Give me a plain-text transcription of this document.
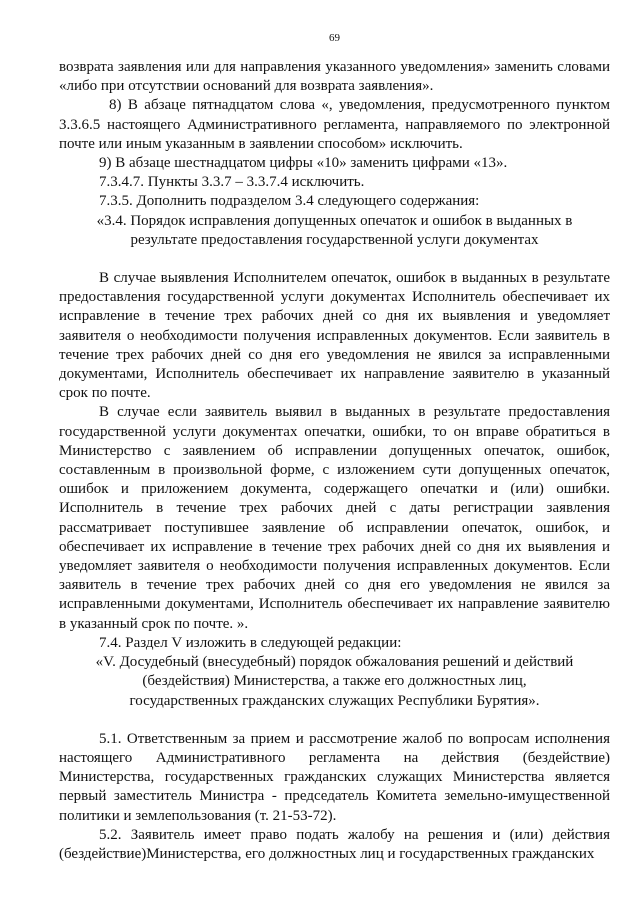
69

возврата заявления или для направления указанного уведомления» заменить словами «либо при отсутствии оснований для возврата заявления».

8) В абзаце пятнадцатом слова «, уведомления, предусмотренного пунктом 3.3.6.5 настоящего Административного регламента, направляемого по электронной почте или иным указанным в заявлении способом» исключить.

9) В абзаце шестнадцатом цифры «10» заменить цифрами «13».

7.3.4.7. Пункты 3.3.7 – 3.3.7.4 исключить.

7.3.5. Дополнить подразделом 3.4 следующего содержания:

«3.4. Порядок исправления допущенных опечаток и ошибок в выданных в результате предоставления государственной услуги документах

В случае выявления Исполнителем опечаток, ошибок в выданных в результате предоставления государственной услуги документах Исполнитель обеспечивает их исправление в течение трех рабочих дней со дня их выявления и уведомляет заявителя о необходимости получения исправленных документов. Если заявитель в течение трех рабочих дней со дня его уведомления не явился за исправленными документами, Исполнитель обеспечивает их направление заявителю в указанный срок по почте.

В случае если заявитель выявил в выданных в результате предоставления государственной услуги документах опечатки, ошибки, то он вправе обратиться в Министерство с заявлением об исправлении допущенных опечаток, ошибок, составленным в произвольной форме, с изложением сути допущенных опечаток, ошибок и приложением документа, содержащего опечатки и (или) ошибки. Исполнитель в течение трех рабочих дней с даты регистрации заявления рассматривает поступившее заявление об исправлении опечаток, ошибок, и обеспечивает их исправление в течение трех рабочих дней со дня их выявления и уведомляет заявителя о необходимости получения исправленных документов. Если заявитель в течение трех рабочих дней со дня его уведомления не явился за исправленными документами, Исполнитель обеспечивает их направление заявителю в указанный срок по почте. ».

7.4. Раздел V изложить в следующей редакции:

«V. Досудебный (внесудебный) порядок обжалования решений и действий (бездействия) Министерства, а также его должностных лиц, государственных гражданских служащих Республики Бурятия».

5.1. Ответственным за прием и рассмотрение жалоб по вопросам исполнения настоящего Административного регламента на действия (бездействие) Министерства, государственных гражданских служащих Министерства является первый заместитель Министра - председатель Комитета земельно-имущественной политики и землепользования (т. 21-53-72).

5.2. Заявитель имеет право подать жалобу на решения и (или) действия (бездействие)Министерства, его должностных лиц и государственных гражданских
